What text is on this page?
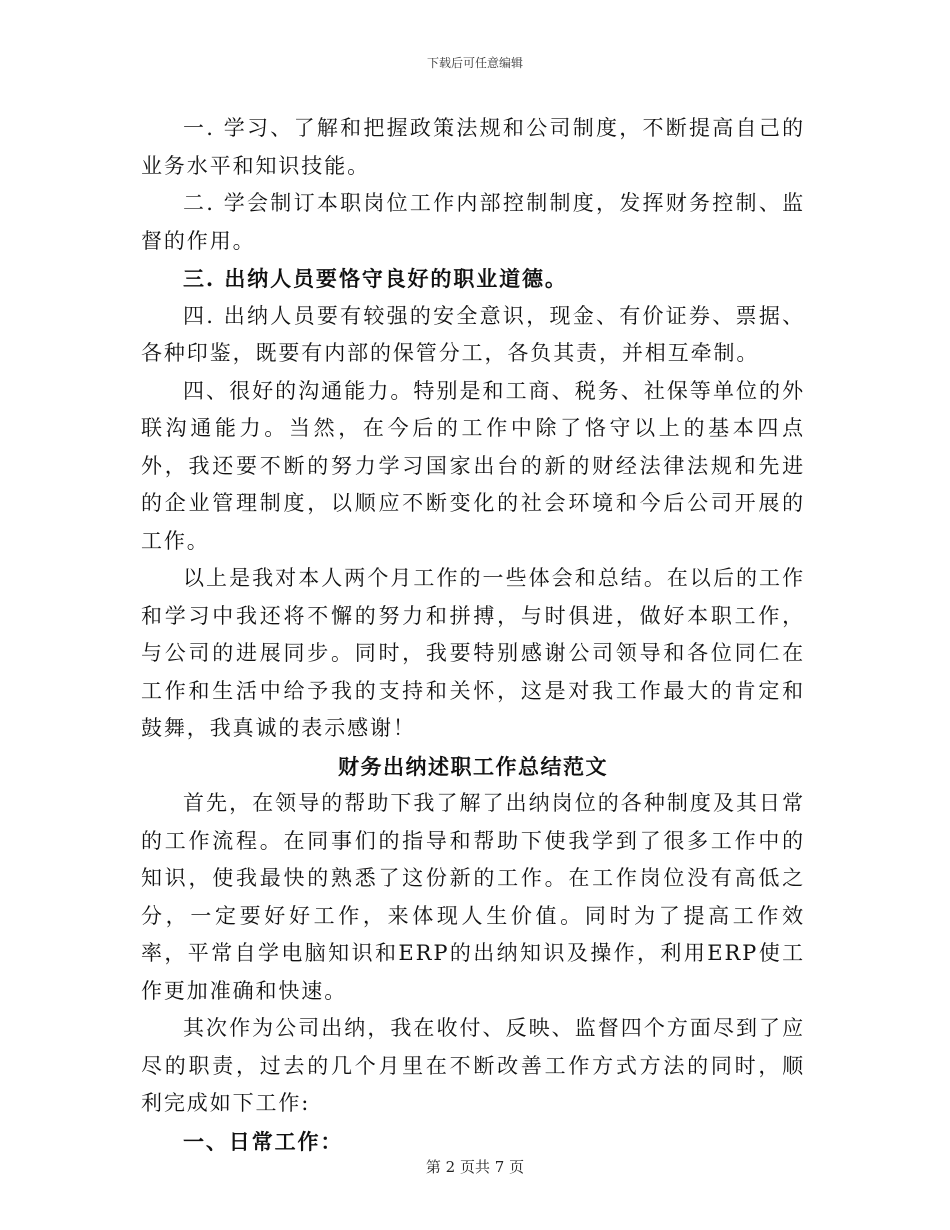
下载后可任意编辑

一. 学习、了解和把握政策法规和公司制度，不断提高自己的业务水平和知识技能。

二. 学会制订本职岗位工作内部控制制度，发挥财务控制、监督的作用。

三. 出纳人员要恪守良好的职业道德。

四. 出纳人员要有较强的安全意识，现金、有价证券、票据、各种印鉴，既要有内部的保管分工，各负其责，并相互牵制。

四、很好的沟通能力。特别是和工商、税务、社保等单位的外联沟通能力。当然，在今后的工作中除了恪守以上的基本四点外，我还要不断的努力学习国家出台的新的财经法律法规和先进的企业管理制度，以顺应不断变化的社会环境和今后公司开展的工作。

以上是我对本人两个月工作的一些体会和总结。在以后的工作和学习中我还将不懈的努力和拼搏，与时俱进，做好本职工作，与公司的进展同步。同时，我要特别感谢公司领导和各位同仁在工作和生活中给予我的支持和关怀，这是对我工作最大的肯定和鼓舞，我真诚的表示感谢！

财务出纳述职工作总结范文

首先，在领导的帮助下我了解了出纳岗位的各种制度及其日常的工作流程。在同事们的指导和帮助下使我学到了很多工作中的知识，使我最快的熟悉了这份新的工作。在工作岗位没有高低之分，一定要好好工作，来体现人生价值。同时为了提高工作效率，平常自学电脑知识和ERP的出纳知识及操作，利用ERP使工作更加准确和快速。

其次作为公司出纳，我在收付、反映、监督四个方面尽到了应尽的职责，过去的几个月里在不断改善工作方式方法的同时，顺利完成如下工作:

一、日常工作：

第 2 页共 7 页
